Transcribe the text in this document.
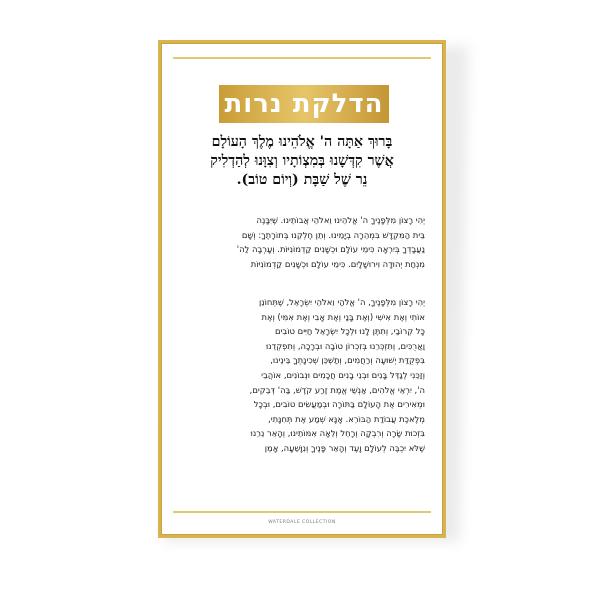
הדלקת נרות
בָּרוּךְ אַתָּה ה' אֱלֹהֵינוּ מֶלֶךְ הָעוֹלָם
אֲשֶׁר קִדְּשָׁנוּ בְּמִצְוֹתָיו וְצִוָּנוּ לְהַדְלִיק
נֵר שֶׁל שַׁבָּת (וְיוֹם טוֹב).
יְהִי רָצוֹן מִלְּפָנֶיךָ ה' אֱלֹהֵינוּ וֵאלֹהֵי אֲבוֹתֵינוּ. שֶׁיִּבָּנֶה
בֵּית הַמִּקְדָּשׁ בִּמְהֵרָה בְיָמֵינוּ. וְתֵן חֶלְקֵנוּ בְּתוֹרָתֶךָ: וְשָׁם
נַעֲבָדְךָ בְּיִרְאָה כִּימֵי עוֹלָם וּכְשָׁנִים קַדְמוֹנִיּוֹת. וְעָרְבָה לַה'
מִנְחַת יְהוּדָה וִירוּשָׁלָיִם. כִּימֵי עוֹלָם וּכְשָׁנִים קַדְמוֹנִיּוֹת
יְהִי רָצוֹן מִלְּפָנֶיךָ, ה' אֱלֹהַי וֵאלֹהֵי יִשְׂרָאֵל, שֶׁתְּחוֹנֵן
אוֹתִי וְאֶת אִישִׁי (וְאֶת בָּנַי וְאֶת אָבִי וְאֶת אִמִּי) וְאֶת
כָּל קְרוֹבַי, וְתִתֶּן לָנוּ וּלְכָל יִשְׂרָאֵל חַיִּים טוֹבִים
וַאֲרֻכִּים, וְתִזְכְּרֵנוּ בְּזִכְרוֹן טוֹבָה וּבְרָכָה, וְתִפְקְדֵנוּ
בִּפְקֻדַּת יְשׁוּעָה וְרַחֲמִים, וְתַשְׁכֵּן שְׁכִינָתְךָ בֵּינֵינוּ,
וְזַכֵּנִי לְגַדֵּל בָּנִים וּבְנֵי בָנִים חֲכָמִים וּנְבוֹנִים, אוֹהֲבֵי
ה', יִרְאֵי אֱלֹהִים, אַנְשֵׁי אֱמֶת זֶרַע קֹדֶשׁ, בַּה' דְּבֵקִים,
וּמְאִירִים אֶת הָעוֹלָם בַּתּוֹרָה וּבְמַעֲשִׂים טוֹבִים, וּבְכָל
מְלֶאכֶת עֲבוֹדַת הַבּוֹרֵא. אָנָּא שְׁמַע אֶת תְּחִנָּתִי,
בִּזְכוּת שָׂרָה וְרִבְקָה וְרָחֵל וְלֵאָה אִמּוֹתֵינוּ, וְהָאֵר נֵרֵנוּ
שֶׁלֹּא יִכְבֶּה לְעוֹלָם וָעֶד וְהָאֵר פָּנֶיךָ וְנִוָּשֵׁעָה, אָמֵן
WATERDALE COLLECTION
